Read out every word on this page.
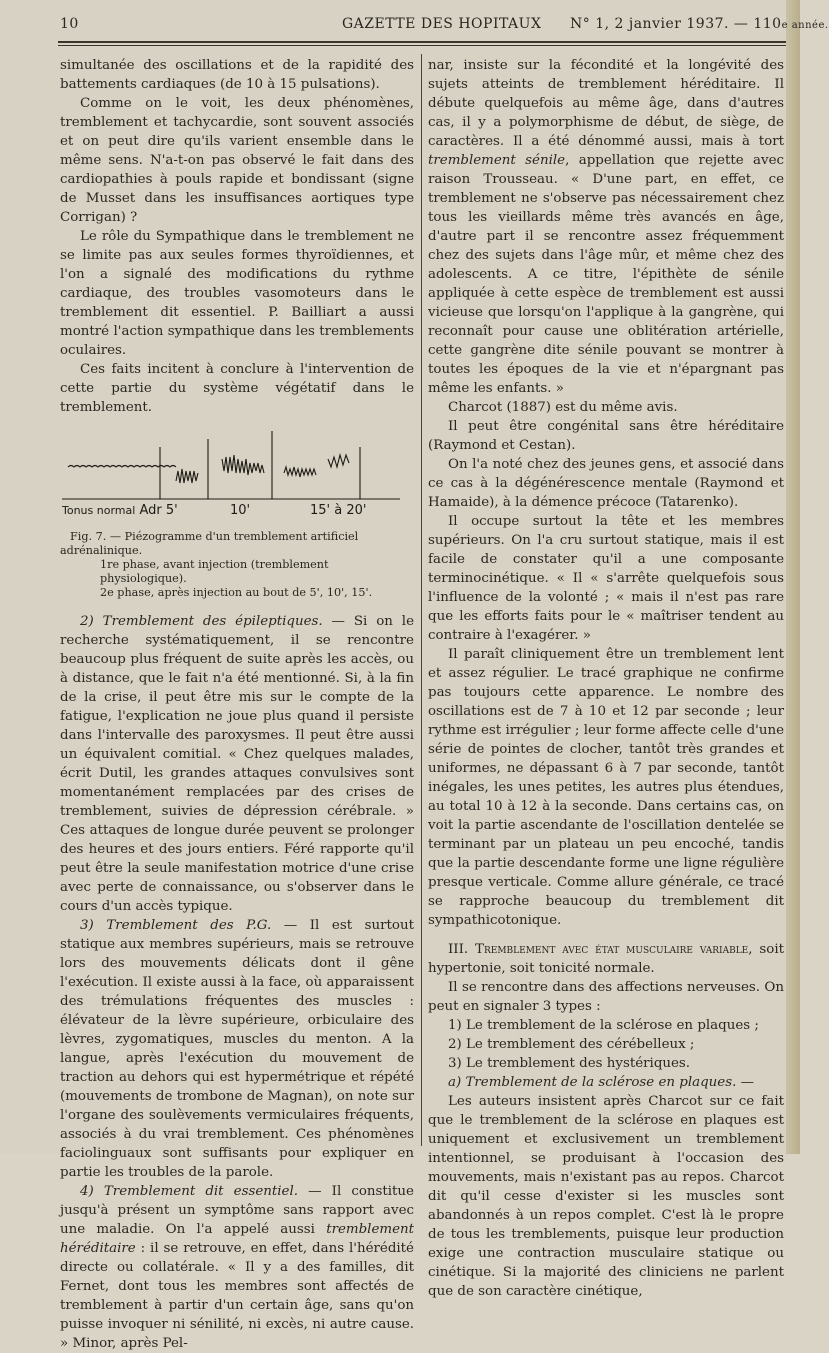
10	GAZETTE DES HOPITAUX N° 1, 2 janvier 1937. — 110e année.

simultanée des oscillations et de la rapidité des battements cardiaques (de 10 à 15 pulsations).

Comme on le voit, les deux phénomènes, tremblement et tachycardie, sont souvent associés et on peut dire qu'ils varient ensemble dans le même sens. N'a-t-on pas observé le fait dans des cardiopathies à pouls rapide et bondissant (signe de Musset dans les insuffisances aortiques type Corrigan) ?

Le rôle du Sympathique dans le tremblement ne se limite pas aux seules formes thyroïdiennes, et l'on a signalé des modifications du rythme cardiaque, des troubles vasomoteurs dans le tremblement dit essentiel. P. Bailliart a aussi montré l'action sympathique dans les tremblements oculaires.

Ces faits incitent à conclure à l'intervention de cette partie du système végétatif dans le tremblement.

Tonus normal Adr 5'	10'	15' à 20'
Fig. 7. — Piézogramme d'un tremblement artificiel adrénalinique.
1re phase, avant injection (tremblement physiologique).
2e phase, après injection au bout de 5', 10', 15'.

2) Tremblement des épileptiques. — Si on le recherche systématiquement, il se rencontre beaucoup plus fréquent de suite après les accès, ou à distance, que le fait n'a été mentionné. Si, à la fin de la crise, il peut être mis sur le compte de la fatigue, l'explication ne joue plus quand il persiste dans l'intervalle des paroxysmes. Il peut être aussi un équivalent comitial. « Chez quelques malades, écrit Dutil, les grandes attaques convulsives sont momentanément remplacées par des crises de tremblement, suivies de dépression cérébrale. » Ces attaques de longue durée peuvent se prolonger des heures et des jours entiers. Féré rapporte qu'il peut être la seule manifestation motrice d'une crise avec perte de connaissance, ou s'observer dans le cours d'un accès typique.

3) Tremblement des P.G. — Il est surtout statique aux membres supérieurs, mais se retrouve lors des mouvements délicats dont il gêne l'exécution. Il existe aussi à la face, où apparaissent des trémulations fréquentes des muscles : élévateur de la lèvre supérieure, orbiculaire des lèvres, zygomatiques, muscles du menton. A la langue, après l'exécution du mouvement de traction au dehors qui est hypermétrique et répété (mouvements de trombone de Magnan), on note sur l'organe des soulèvements vermiculaires fréquents, associés à du vrai tremblement. Ces phénomènes faciolinguaux sont suffisants pour expliquer en partie les troubles de la parole.

4) Tremblement dit essentiel. — Il constitue jusqu'à présent un symptôme sans rapport avec une maladie. On l'a appelé aussi tremblement héréditaire : il se retrouve, en effet, dans l'hérédité directe ou collatérale. « Il y a des familles, dit Fernet, dont tous les membres sont affectés de tremblement à partir d'un certain âge, sans qu'on puisse invoquer ni sénilité, ni excès, ni autre cause. » Minor, après Pel-

nar, insiste sur la fécondité et la longévité des sujets atteints de tremblement héréditaire. Il débute quelquefois au même âge, dans d'autres cas, il y a polymorphisme de début, de siège, de caractères. Il a été dénommé aussi, mais à tort tremblement sénile, appellation que rejette avec raison Trousseau. « D'une part, en effet, ce tremblement ne s'observe pas nécessairement chez tous les vieillards même très avancés en âge, d'autre part il se rencontre assez fréquemment chez des sujets dans l'âge mûr, et même chez des adolescents. A ce titre, l'épithète de sénile appliquée à cette espèce de tremblement est aussi vicieuse que lorsqu'on l'applique à la gangrène, qui reconnaît pour cause une oblitération artérielle, cette gangrène dite sénile pouvant se montrer à toutes les époques de la vie et n'épargnant pas même les enfants. »

Charcot (1887) est du même avis.

Il peut être congénital sans être héréditaire (Raymond et Cestan).

On l'a noté chez des jeunes gens, et associé dans ce cas à la dégénérescence mentale (Raymond et Hamaide), à la démence précoce (Tatarenko).

Il occupe surtout la tête et les membres supérieurs. On l'a cru surtout statique, mais il est facile de constater qu'il a une composante terminocinétique. « Il « s'arrête quelquefois sous l'influence de la volonté ; « mais il n'est pas rare que les efforts faits pour le « maîtriser tendent au contraire à l'exagérer. »

Il paraît cliniquement être un tremblement lent et assez régulier. Le tracé graphique ne confirme pas toujours cette apparence. Le nombre des oscillations est de 7 à 10 et 12 par seconde ; leur rythme est irrégulier ; leur forme affecte celle d'une série de pointes de clocher, tantôt très grandes et uniformes, ne dépassant 6 à 7 par seconde, tantôt inégales, les unes petites, les autres plus étendues, au total 10 à 12 à la seconde. Dans certains cas, on voit la partie ascendante de l'oscillation dentelée se terminant par un plateau un peu encoché, tandis que la partie descendante forme une ligne régulière presque verticale. Comme allure générale, ce tracé se rapproche beaucoup du tremblement dit sympathicotonique.

III. Tremblement avec état musculaire variable, soit hypertonie, soit tonicité normale.

Il se rencontre dans des affections nerveuses. On peut en signaler 3 types :

1) Le tremblement de la sclérose en plaques ;

2) Le tremblement des cérébelleux ;

3) Le tremblement des hystériques.

a) Tremblement de la sclérose en plaques. —

Les auteurs insistent après Charcot sur ce fait que le tremblement de la sclérose en plaques est uniquement et exclusivement un tremblement intentionnel, se produisant à l'occasion des mouvements, mais n'existant pas au repos. Charcot dit qu'il cesse d'exister si les muscles sont abandonnés à un repos complet. C'est là le propre de tous les tremblements, puisque leur production exige une contraction musculaire statique ou cinétique. Si la majorité des cliniciens ne parlent que de son caractère cinétique,
